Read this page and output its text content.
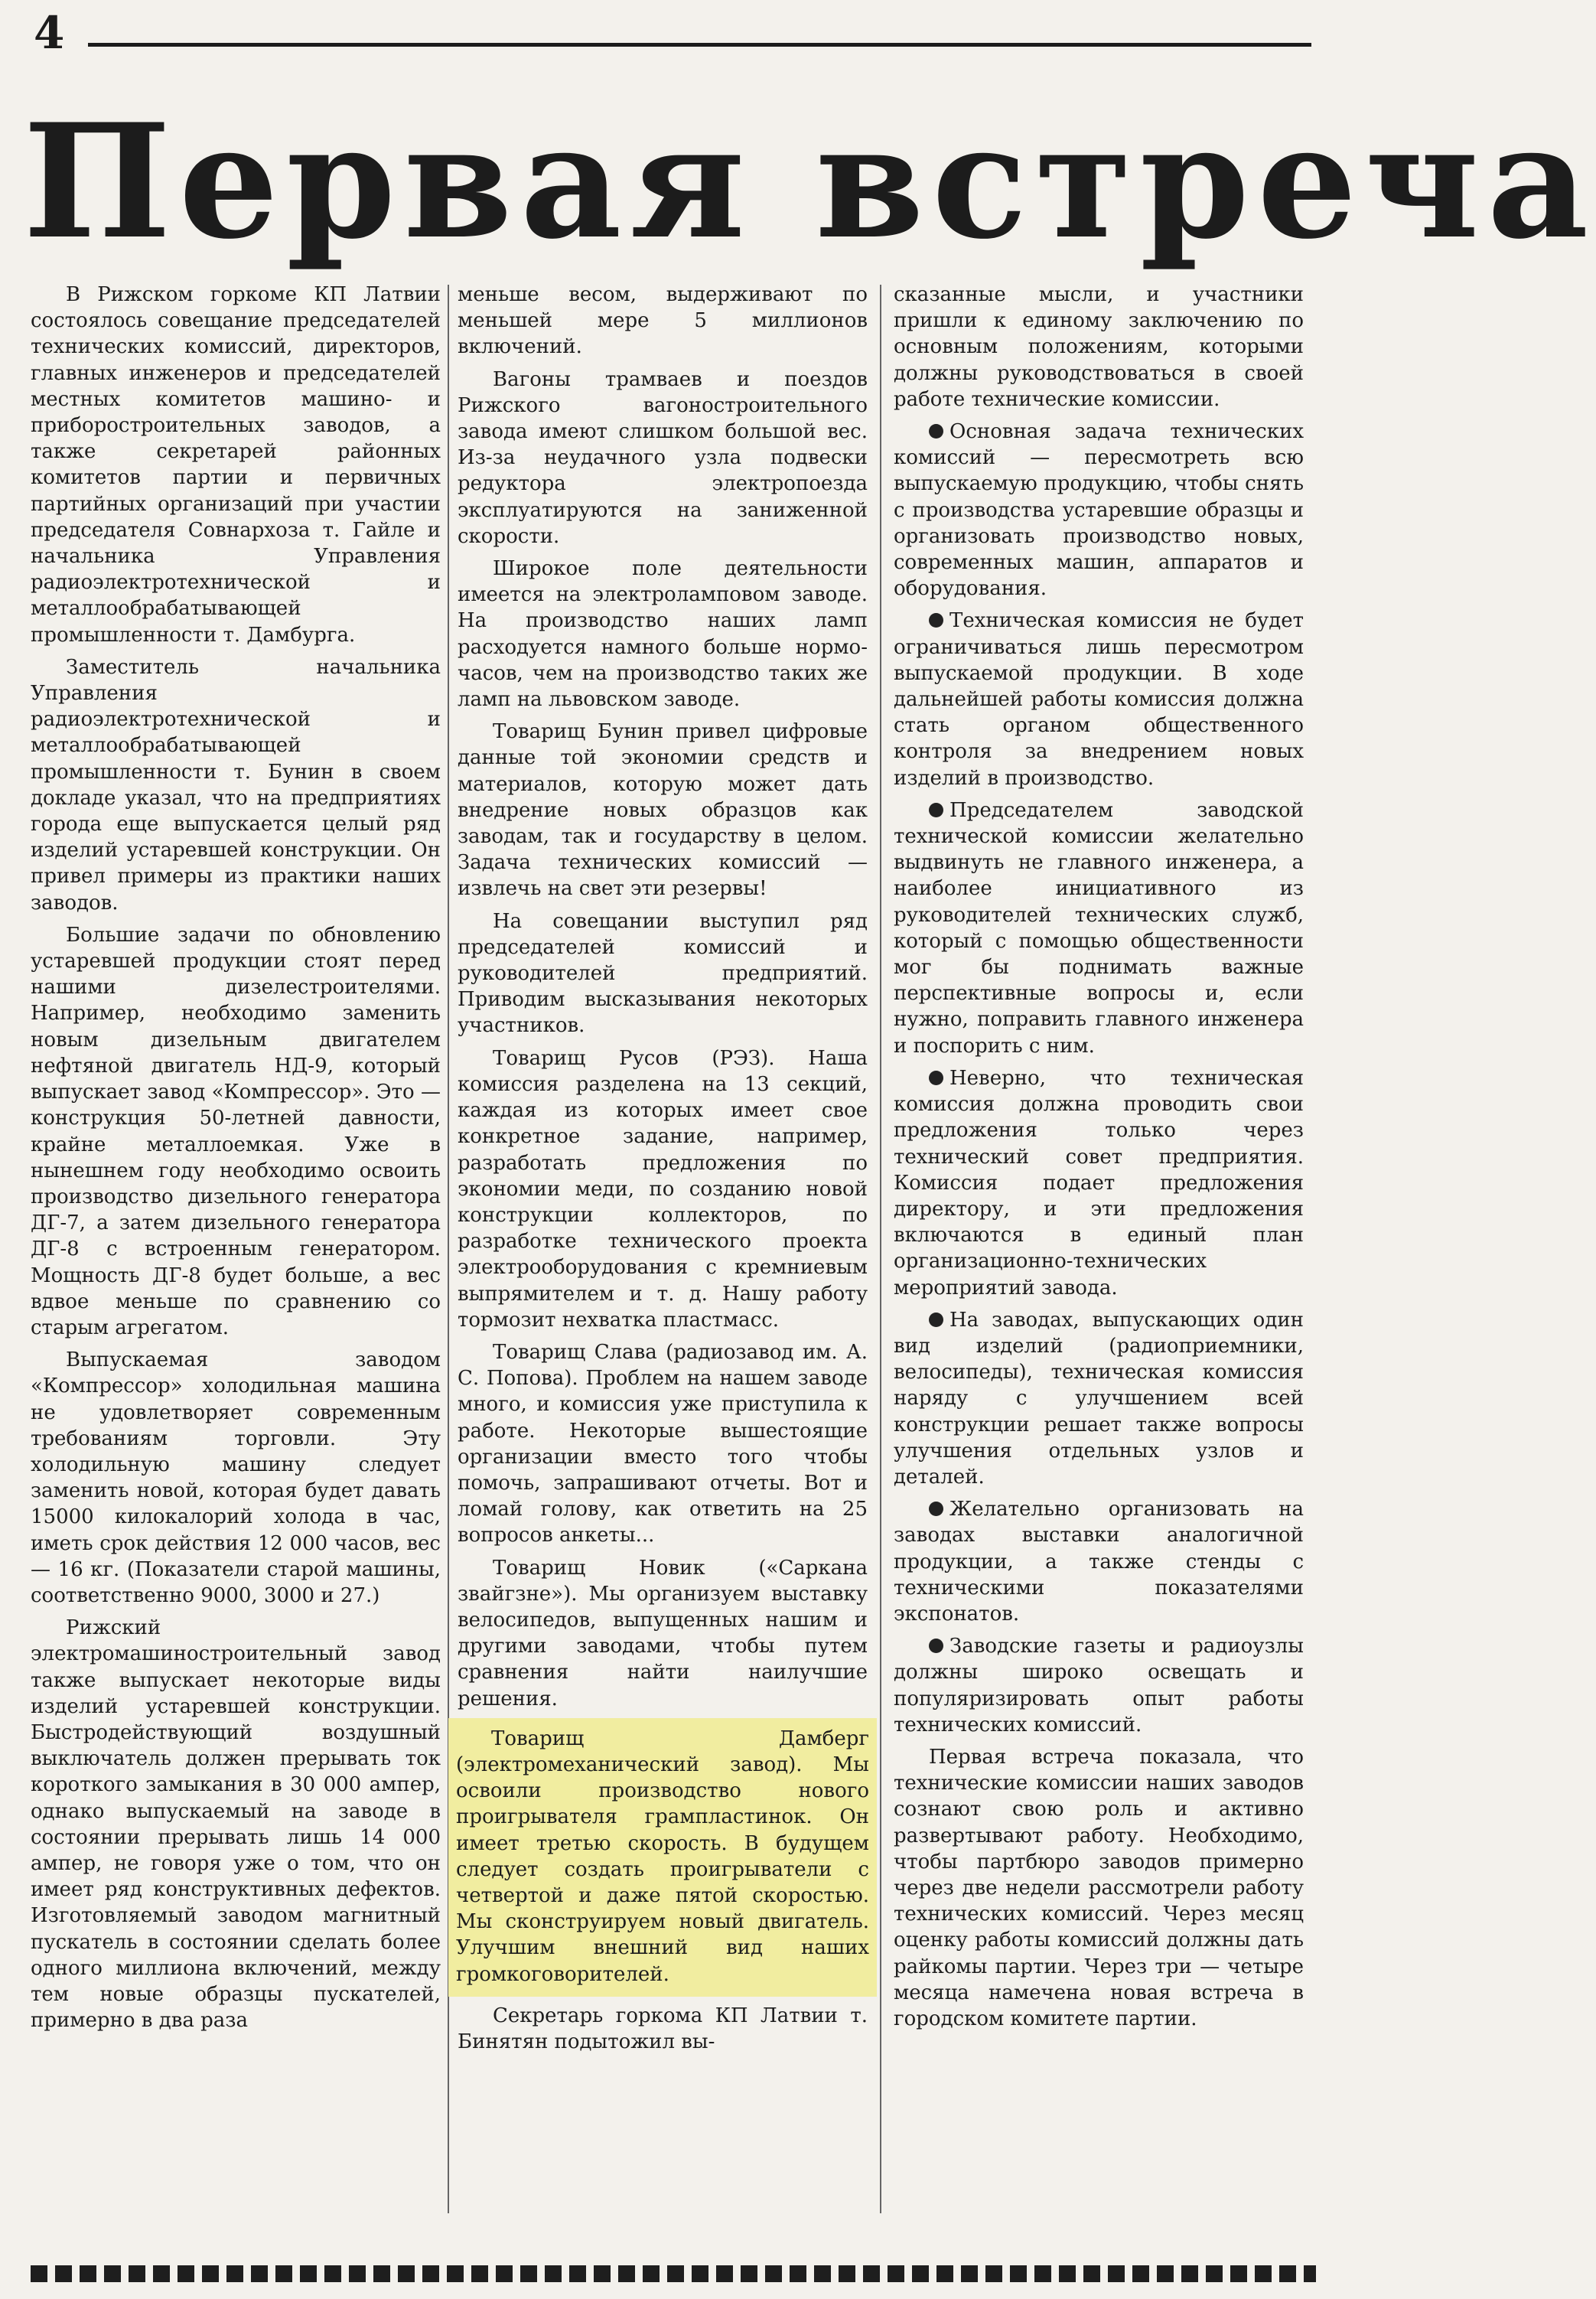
4
Первая встреча

В Рижском горкоме КП Латвии состоялось совещание председателей технических комиссий, директоров, главных инженеров и председателей местных комитетов машино- и приборостроительных заводов, а также секретарей районных комитетов партии и первичных партийных организаций при участии председателя Совнархоза т. Гайле и начальника Управления радиоэлектротехнической и металлообрабатывающей промышленности т. Дамбурга.

Заместитель начальника Управления радиоэлектротехнической и металлообрабатывающей промышленности т. Бунин в своем докладе указал, что на предприятиях города еще выпускается целый ряд изделий устаревшей конструкции. Он привел примеры из практики наших заводов.

Большие задачи по обновлению устаревшей продукции стоят перед нашими дизелестроителями. Например, необходимо заменить новым дизельным двигателем нефтяной двигатель НД-9, который выпускает завод «Компрессор». Это — конструкция 50-летней давности, крайне металлоемкая. Уже в нынешнем году необходимо освоить производство дизельного генератора ДГ-7, а затем дизельного генератора ДГ-8 с встроенным генератором. Мощность ДГ-8 будет больше, а вес вдвое меньше по сравнению со старым агрегатом.

Выпускаемая заводом «Компрессор» холодильная машина не удовлетворяет современным требованиям торговли. Эту холодильную машину следует заменить новой, которая будет давать 15000 килокалорий холода в час, иметь срок действия 12 000 часов, вес — 16 кг. (Показатели старой машины, соответственно 9000, 3000 и 27.)

Рижский электромашиностроительный завод также выпускает некоторые виды изделий устаревшей конструкции. Быстродействующий воздушный выключатель должен прерывать ток короткого замыкания в 30 000 ампер, однако выпускаемый на заводе в состоянии прерывать лишь 14 000 ампер, не говоря уже о том, что он имеет ряд конструктивных дефектов. Изготовляемый заводом магнитный пускатель в состоянии сделать более одного миллиона включений, между тем новые образцы пускателей, примерно в два раза

меньше весом, выдерживают по меньшей мере 5 миллионов включений.

Вагоны трамваев и поездов Рижского вагоностроительного завода имеют слишком большой вес. Из-за неудачного узла подвески редуктора электропоезда эксплуатируются на заниженной скорости.

Широкое поле деятельности имеется на электроламповом заводе. На производство наших ламп расходуется намного больше нормо-часов, чем на производство таких же ламп на львовском заводе.

Товарищ Бунин привел цифровые данные той экономии средств и материалов, которую может дать внедрение новых образцов как заводам, так и государству в целом. Задача технических комиссий — извлечь на свет эти резервы!

На совещании выступил ряд председателей комиссий и руководителей предприятий. Приводим высказывания некоторых участников.

Товарищ Русов (РЭЗ). Наша комиссия разделена на 13 секций, каждая из которых имеет свое конкретное задание, например, разработать предложения по экономии меди, по созданию новой конструкции коллекторов, по разработке технического проекта электрооборудования с кремниевым выпрямителем и т. д. Нашу работу тормозит нехватка пластмасс.

Товарищ Слава (радиозавод им. А. С. Попова). Проблем на нашем заводе много, и комиссия уже приступила к работе. Некоторые вышестоящие организации вместо того чтобы помочь, запрашивают отчеты. Вот и ломай голову, как ответить на 25 вопросов анкеты...

Товарищ Новик («Саркана звайгзне»). Мы организуем выставку велосипедов, выпущенных нашим и другими заводами, чтобы путем сравнения найти наилучшие решения.

Товарищ Дамберг (электромеханический завод). Мы освоили производство нового проигрывателя грампластинок. Он имеет третью скорость. В будущем следует создать проигрыватели с четвертой и даже пятой скоростью. Мы сконструируем новый двигатель. Улучшим внешний вид наших громкоговорителей.

Секретарь горкома КП Латвии т. Бинятян подытожил вы-

сказанные мысли, и участники пришли к единому заключению по основным положениям, которыми должны руководствоваться в своей работе технические комиссии.

Основная задача технических комиссий — пересмотреть всю выпускаемую продукцию, чтобы снять с производства устаревшие образцы и организовать производство новых, современных машин, аппаратов и оборудования.

Техническая комиссия не будет ограничиваться лишь пересмотром выпускаемой продукции. В ходе дальнейшей работы комиссия должна стать органом общественного контроля за внедрением новых изделий в производство.

Председателем заводской технической комиссии желательно выдвинуть не главного инженера, а наиболее инициативного из руководителей технических служб, который с помощью общественности мог бы поднимать важные перспективные вопросы и, если нужно, поправить главного инженера и поспорить с ним.

Неверно, что техническая комиссия должна проводить свои предложения только через технический совет предприятия. Комиссия подает предложения директору, и эти предложения включаются в единый план организационно-технических мероприятий завода.

На заводах, выпускающих один вид изделий (радиоприемники, велосипеды), техническая комиссия наряду с улучшением всей конструкции решает также вопросы улучшения отдельных узлов и деталей.

Желательно организовать на заводах выставки аналогичной продукции, а также стенды с техническими показателями экспонатов.

Заводские газеты и радиоузлы должны широко освещать и популяризировать опыт работы технических комиссий.

Первая встреча показала, что технические комиссии наших заводов сознают свою роль и активно развертывают работу. Необходимо, чтобы партбюро заводов примерно через две недели рассмотрели работу технических комиссий. Через месяц оценку работы комиссий должны дать райкомы партии. Через три — четыре месяца намечена новая встреча в городском комитете партии.
